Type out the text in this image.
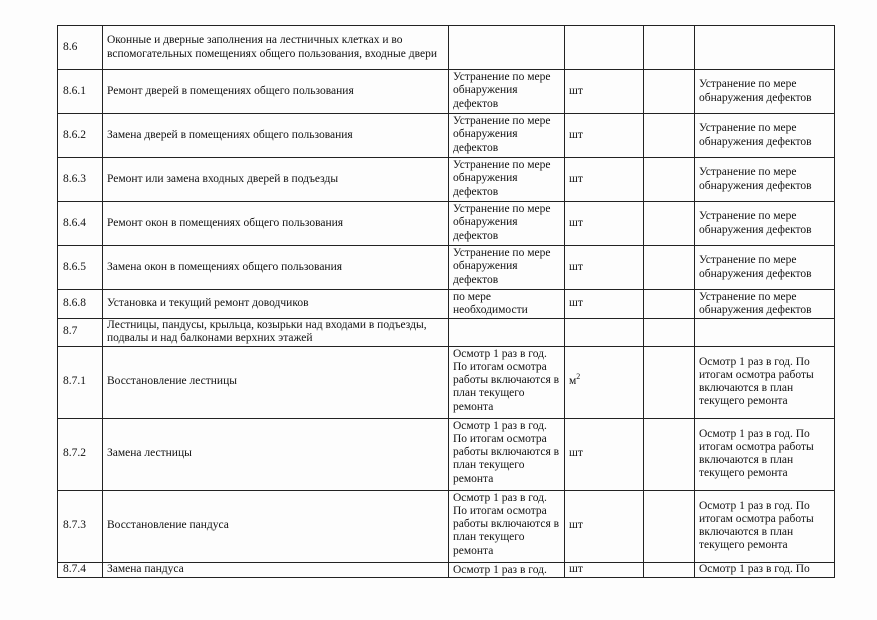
8.6	Оконные и дверные заполнения на лестничных клетках и во вспомогательных помещениях общего пользования, входные двери				
8.6.1	Ремонт дверей в помещениях общего пользования	Устранение по мере обнаружения дефектов	шт		Устранение по мере обнаружения дефектов
8.6.2	Замена дверей в помещениях общего пользования	Устранение по мере обнаружения дефектов	шт		Устранение по мере обнаружения дефектов
8.6.3	Ремонт или замена входных дверей в подъезды	Устранение по мере обнаружения дефектов	шт		Устранение по мере обнаружения дефектов
8.6.4	Ремонт окон в помещениях общего пользования	Устранение по мере обнаружения дефектов	шт		Устранение по мере обнаружения дефектов
8.6.5	Замена окон в помещениях общего пользования	Устранение по мере обнаружения дефектов	шт		Устранение по мере обнаружения дефектов
8.6.8	Установка и текущий ремонт доводчиков	по мере необходимости	шт		Устранение по мере обнаружения дефектов
8.7	Лестницы, пандусы, крыльца, козырьки над входами в подъезды, подвалы и над балконами верхних этажей				
8.7.1	Восстановление лестницы	Осмотр 1 раз в год. По итогам осмотра работы включаются в план текущего ремонта	$м^2$		Осмотр 1 раз в год. По итогам осмотра работы включаются в план текущего ремонта
8.7.2	Замена лестницы	Осмотр 1 раз в год. По итогам осмотра работы включаются в план текущего ремонта	шт		Осмотр 1 раз в год. По итогам осмотра работы включаются в план текущего ремонта
8.7.3	Восстановление пандуса	Осмотр 1 раз в год. По итогам осмотра работы включаются в план текущего ремонта	шт		Осмотр 1 раз в год. По итогам осмотра работы включаются в план текущего ремонта
8.7.4	Замена пандуса	Осмотр 1 раз в год.	шт		Осмотр 1 раз в год. По
